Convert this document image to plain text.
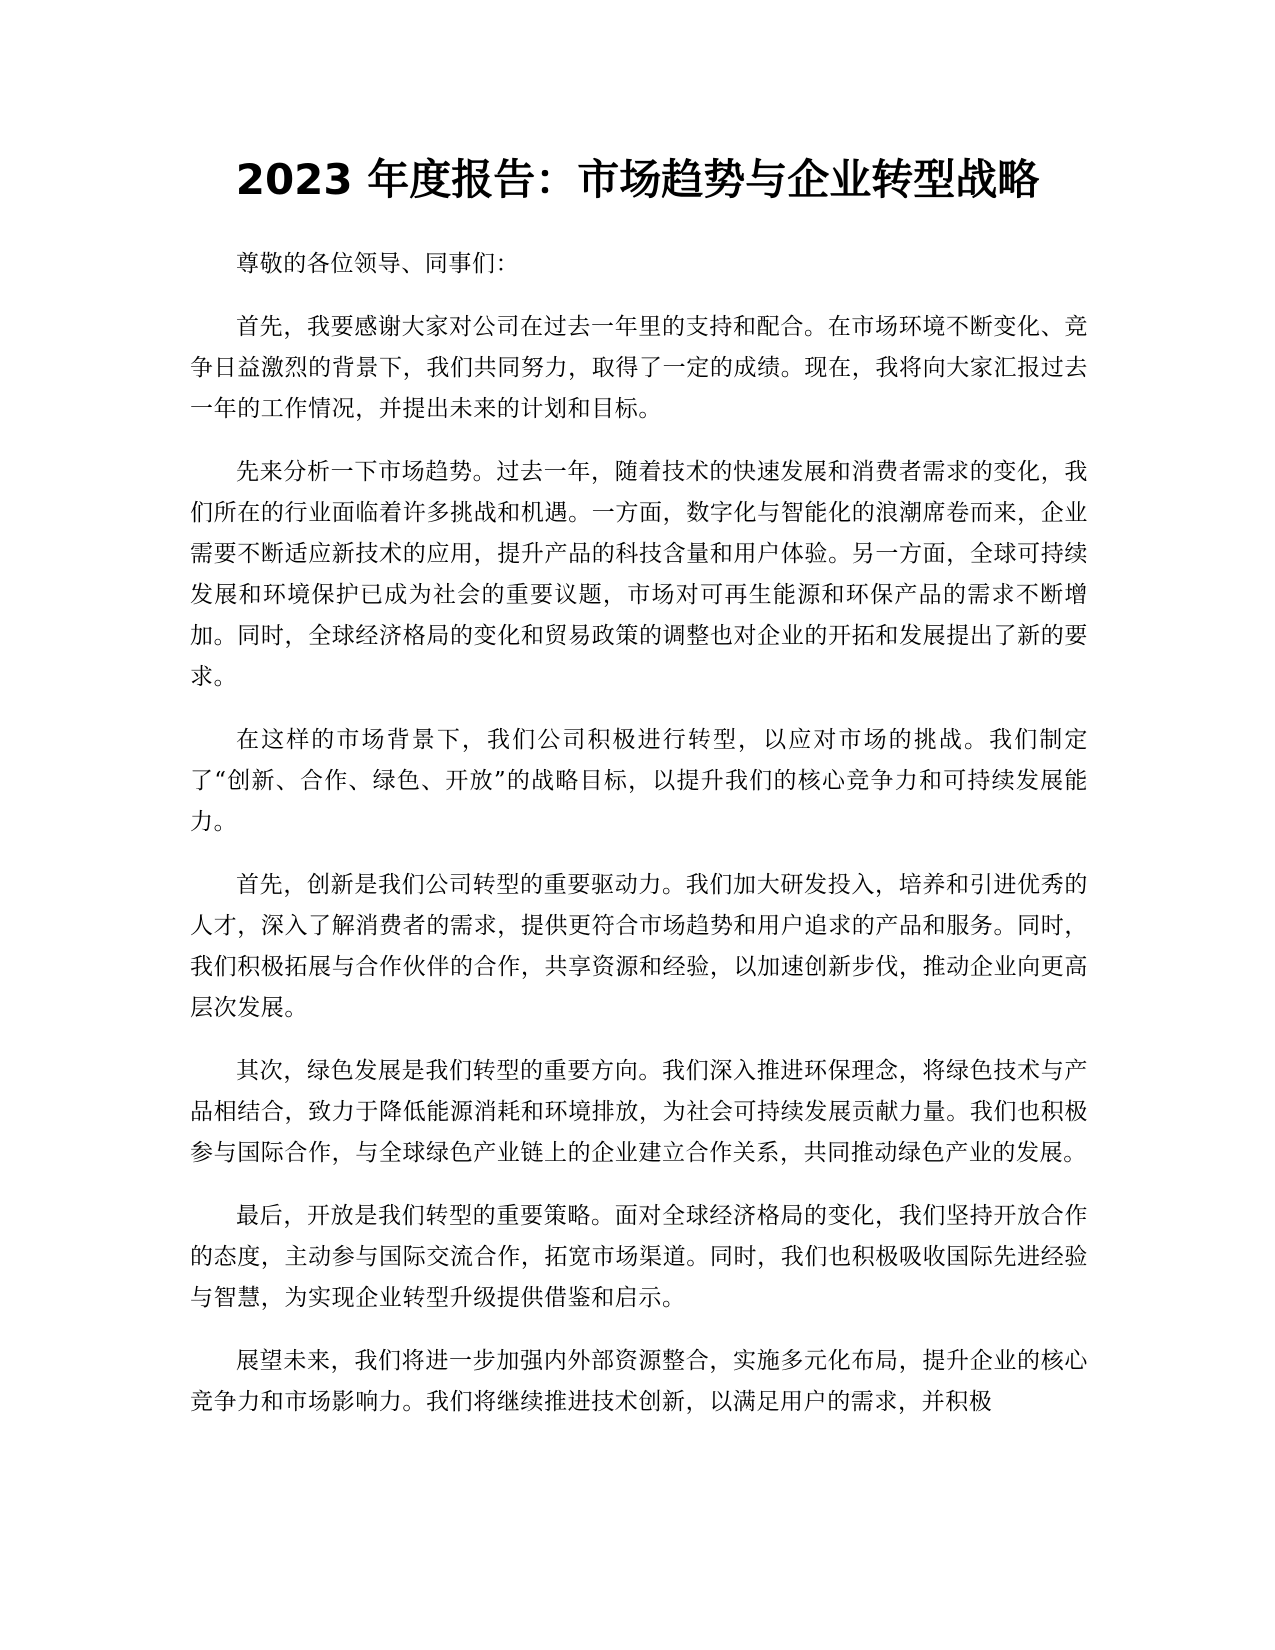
2023 年度报告：市场趋势与企业转型战略

尊敬的各位领导、同事们：

首先，我要感谢大家对公司在过去一年里的支持和配合。在市场环境不断变化、竞争日益激烈的背景下，我们共同努力，取得了一定的成绩。现在，我将向大家汇报过去一年的工作情况，并提出未来的计划和目标。

先来分析一下市场趋势。过去一年，随着技术的快速发展和消费者需求的变化，我们所在的行业面临着许多挑战和机遇。一方面，数字化与智能化的浪潮席卷而来，企业需要不断适应新技术的应用，提升产品的科技含量和用户体验。另一方面，全球可持续发展和环境保护已成为社会的重要议题，市场对可再生能源和环保产品的需求不断增加。同时，全球经济格局的变化和贸易政策的调整也对企业的开拓和发展提出了新的要求。

在这样的市场背景下，我们公司积极进行转型，以应对市场的挑战。我们制定了“创新、合作、绿色、开放”的战略目标，以提升我们的核心竞争力和可持续发展能力。

首先，创新是我们公司转型的重要驱动力。我们加大研发投入，培养和引进优秀的人才，深入了解消费者的需求，提供更符合市场趋势和用户追求的产品和服务。同时，我们积极拓展与合作伙伴的合作，共享资源和经验，以加速创新步伐，推动企业向更高层次发展。

其次，绿色发展是我们转型的重要方向。我们深入推进环保理念，将绿色技术与产品相结合，致力于降低能源消耗和环境排放，为社会可持续发展贡献力量。我们也积极参与国际合作，与全球绿色产业链上的企业建立合作关系，共同推动绿色产业的发展。

最后，开放是我们转型的重要策略。面对全球经济格局的变化，我们坚持开放合作的态度，主动参与国际交流合作，拓宽市场渠道。同时，我们也积极吸收国际先进经验与智慧，为实现企业转型升级提供借鉴和启示。

展望未来，我们将进一步加强内外部资源整合，实施多元化布局，提升企业的核心竞争力和市场影响力。我们将继续推进技术创新，以满足用户的需求，并积极
